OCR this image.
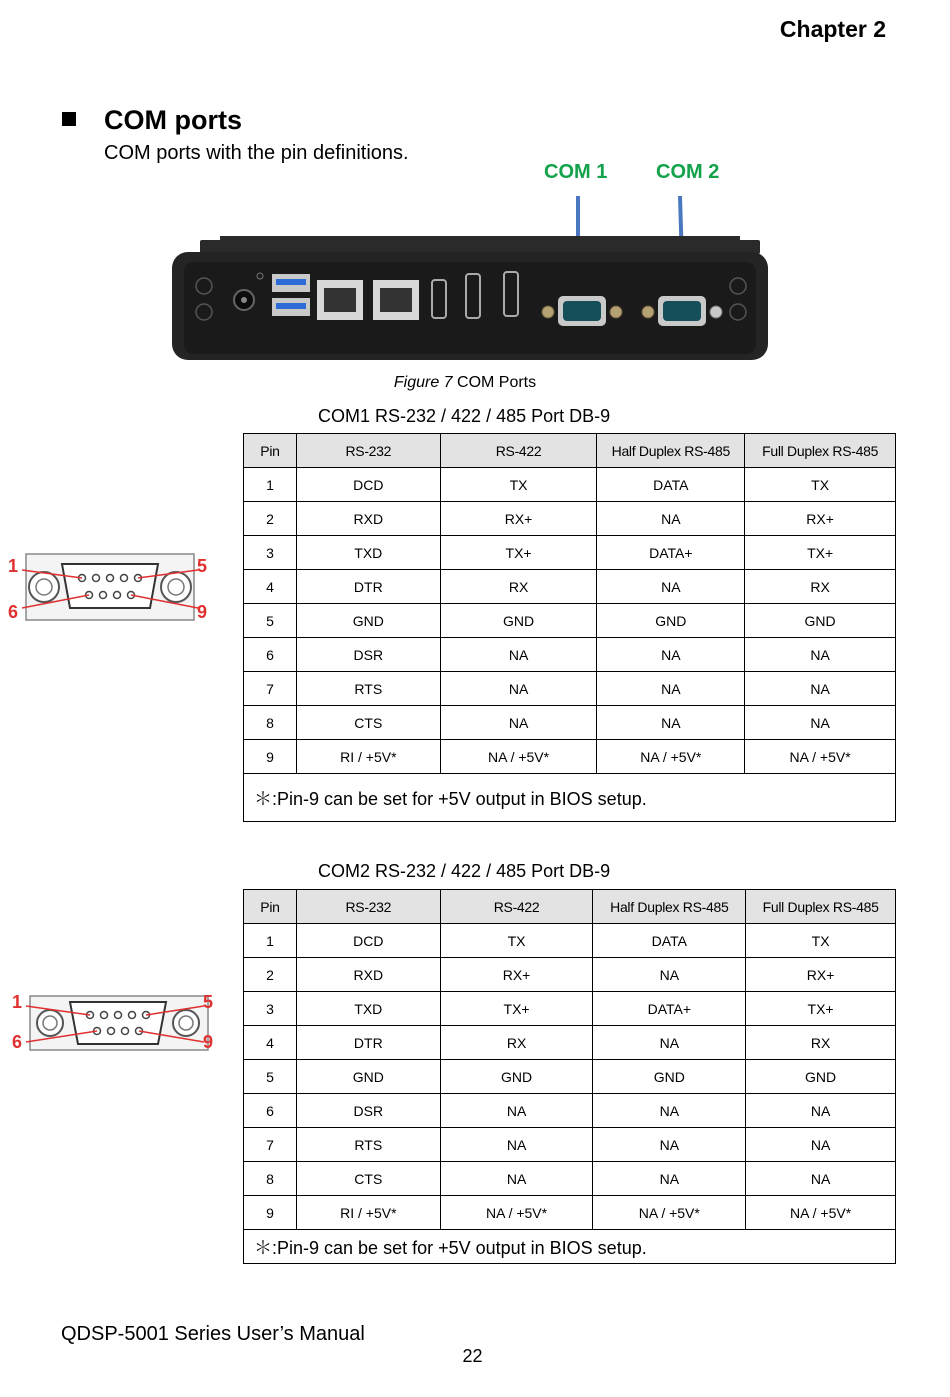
Chapter 2
COM ports
COM ports with the pin definitions.
COM 1 COM 2
Figure 7 COM Ports
COM1 RS-232 / 422 / 485 Port DB-9
Pin	RS-232	RS-422	Half Duplex RS-485	Full Duplex RS-485
1	DCD	TX	DATA	TX
2	RXD	RX+	NA	RX+
3	TXD	TX+	DATA+	TX+
4	DTR	RX	NA	RX
5	GND	GND	GND	GND
6	DSR	NA	NA	NA
7	RTS	NA	NA	NA
8	CTS	NA	NA	NA
9	RI / +5V*	NA / +5V*	NA / +5V*	NA / +5V*
＊:Pin-9 can be set for +5V output in BIOS setup.				
1
6
5
9
COM2 RS-232 / 422 / 485 Port DB-9
Pin	RS-232	RS-422	Half Duplex RS-485	Full Duplex RS-485
1	DCD	TX	DATA	TX
2	RXD	RX+	NA	RX+
3	TXD	TX+	DATA+	TX+
4	DTR	RX	NA	RX
5	GND	GND	GND	GND
6	DSR	NA	NA	NA
7	RTS	NA	NA	NA
8	CTS	NA	NA	NA
9	RI / +5V*	NA / +5V*	NA / +5V*	NA / +5V*
＊:Pin-9 can be set for +5V output in BIOS setup.				
1
6
5
9
QDSP-5001 Series User’s Manual
22
